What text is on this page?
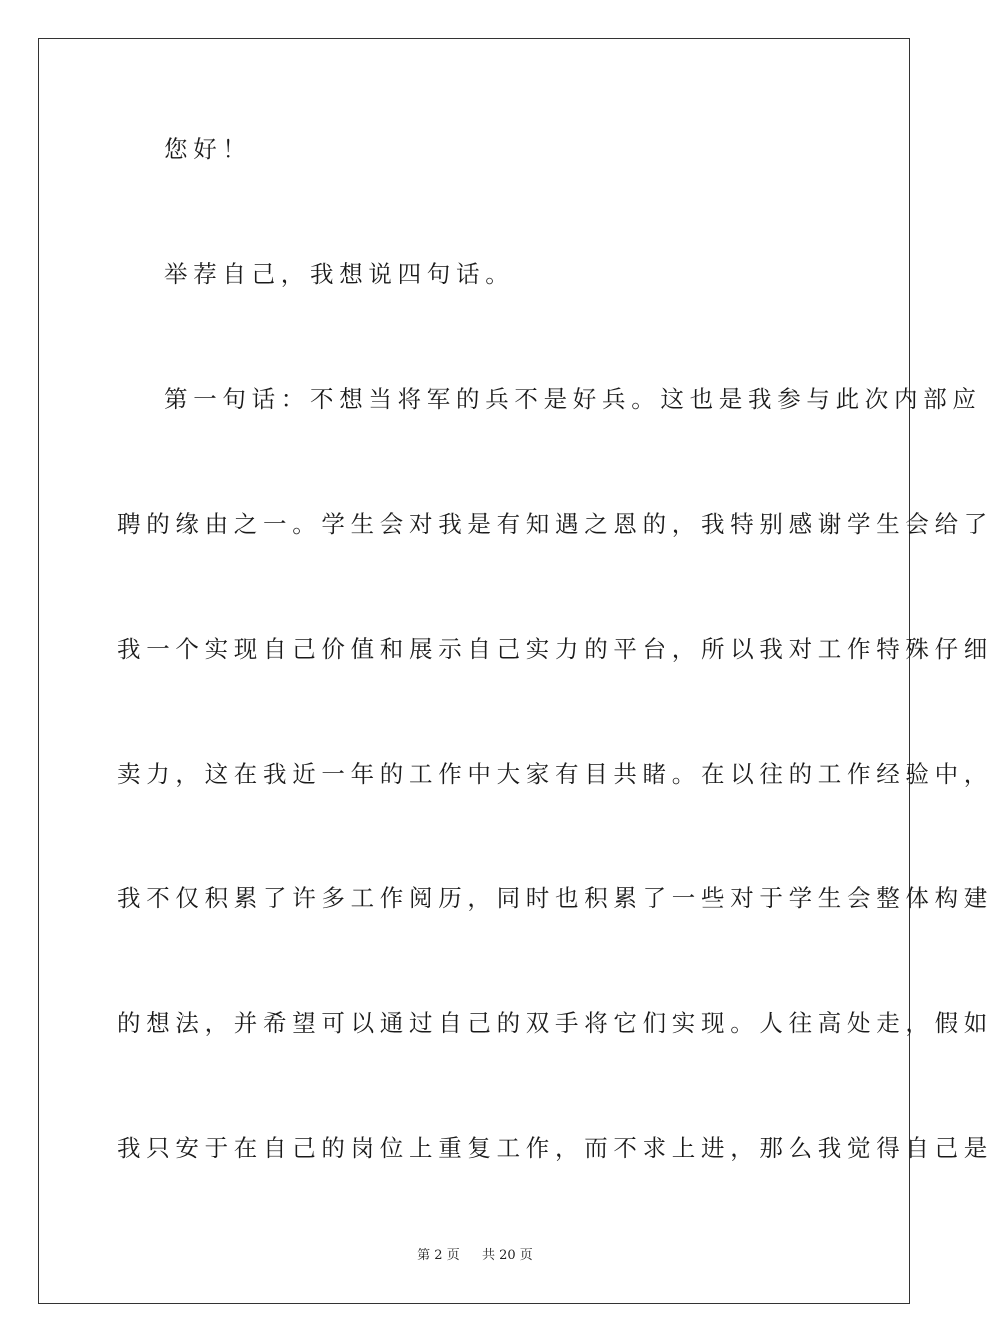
您好！
举荐自己，我想说四句话。
第一句话：不想当将军的兵不是好兵。这也是我参与此次内部应
聘的缘由之一。学生会对我是有知遇之恩的，我特别感谢学生会给了
我一个实现自己价值和展示自己实力的平台，所以我对工作特殊仔细
卖力，这在我近一年的工作中大家有目共睹。在以往的工作经验中，
我不仅积累了许多工作阅历，同时也积累了一些对于学生会整体构建
的想法，并希望可以通过自己的双手将它们实现。人往高处走，假如
我只安于在自己的岗位上重复工作，而不求上进，那么我觉得自己是
第 2 页 共 20 页
